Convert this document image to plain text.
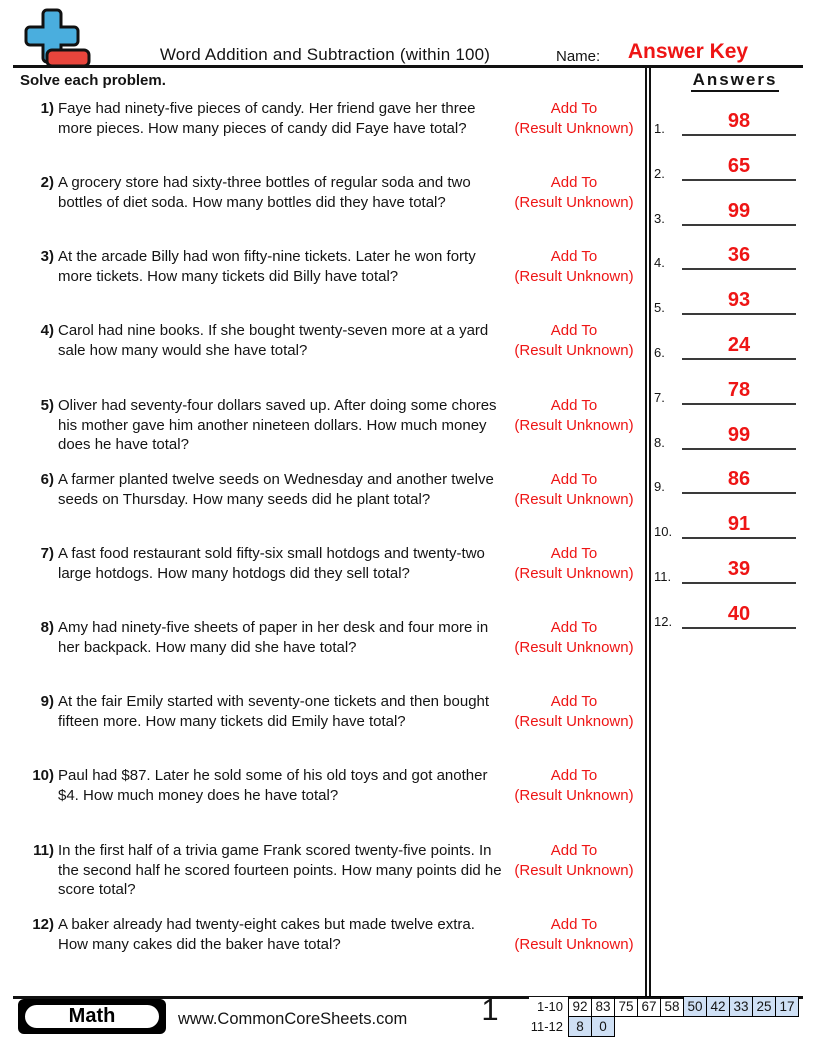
Word Addition and Subtraction (within 100)	Name:	Answer Key
Solve each problem.
1) Faye had ninety-five pieces of candy. Her friend gave her three more pieces. How many pieces of candy did Faye have total?
Add To
(Result Unknown)
2) A grocery store had sixty-three bottles of regular soda and two bottles of diet soda. How many bottles did they have total?
Add To
(Result Unknown)
3) At the arcade Billy had won fifty-nine tickets. Later he won forty more tickets. How many tickets did Billy have total?
Add To
(Result Unknown)
4) Carol had nine books. If she bought twenty-seven more at a yard sale how many would she have total?
Add To
(Result Unknown)
5) Oliver had seventy-four dollars saved up. After doing some chores his mother gave him another nineteen dollars. How much money does he have total?
Add To
(Result Unknown)
6) A farmer planted twelve seeds on Wednesday and another twelve seeds on Thursday. How many seeds did he plant total?
Add To
(Result Unknown)
7) A fast food restaurant sold fifty-six small hotdogs and twenty-two large hotdogs. How many hotdogs did they sell total?
Add To
(Result Unknown)
8) Amy had ninety-five sheets of paper in her desk and four more in her backpack. How many did she have total?
Add To
(Result Unknown)
9) At the fair Emily started with seventy-one tickets and then bought fifteen more. How many tickets did Emily have total?
Add To
(Result Unknown)
10) Paul had $87. Later he sold some of his old toys and got another $4. How much money does he have total?
Add To
(Result Unknown)
11) In the first half of a trivia game Frank scored twenty-five points. In the second half he scored fourteen points. How many points did he score total?
Add To
(Result Unknown)
12) A baker already had twenty-eight cakes but made twelve extra. How many cakes did the baker have total?
Add To
(Result Unknown)
Answers
1.	98
2.	65
3.	99
4.	36
5.	93
6.	24
7.	78
8.	99
9.	86
10.	91
11.	39
12.	40
Math	www.CommonCoreSheets.com	1	1-10	92	83	75	67	58	50	42	33	25	17
11-12	8	0								
